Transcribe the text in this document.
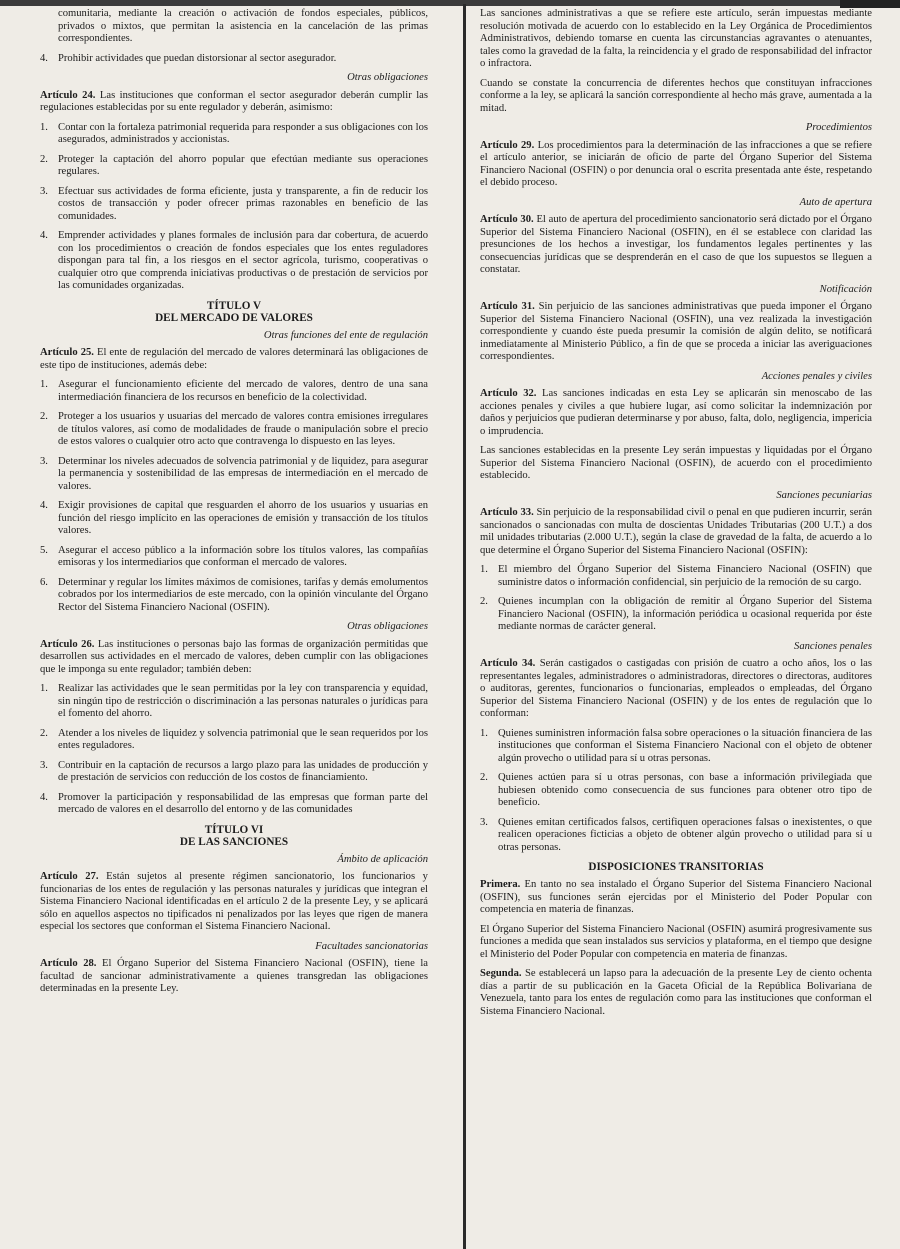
comunitaria, mediante la creación o activación de fondos especiales, públicos, privados o mixtos, que permitan la asistencia en la cancelación de las primas correspondientes.
4. Prohibir actividades que puedan distorsionar al sector asegurador.
Otras obligaciones

Artículo 24. Las instituciones que conforman el sector asegurador deberán cumplir las regulaciones establecidas por su ente regulador y deberán, asimismo:

1. Contar con la fortaleza patrimonial requerida para responder a sus obligaciones con los asegurados, administrados y accionistas.
2. Proteger la captación del ahorro popular que efectúan mediante sus operaciones regulares.
3. Efectuar sus actividades de forma eficiente, justa y transparente, a fin de reducir los costos de transacción y poder ofrecer primas razonables en beneficio de las comunidades.
4. Emprender actividades y planes formales de inclusión para dar cobertura, de acuerdo con los procedimientos o creación de fondos especiales que los entes reguladores dispongan para tal fin, a los riesgos en el sector agrícola, turismo, cooperativas o cualquier otro que comprenda iniciativas productivas o de prestación de servicios por las comunidades organizadas.
TÍTULO V
DEL MERCADO DE VALORES
Otras funciones del ente de regulación

Artículo 25. El ente de regulación del mercado de valores determinará las obligaciones de este tipo de instituciones, además debe:

1. Asegurar el funcionamiento eficiente del mercado de valores, dentro de una sana intermediación financiera de los recursos en beneficio de la colectividad.
2. Proteger a los usuarios y usuarias del mercado de valores contra emisiones irregulares de títulos valores, así como de modalidades de fraude o manipulación sobre el precio de estos valores o cualquier otro acto que contravenga lo dispuesto en las leyes.
3. Determinar los niveles adecuados de solvencia patrimonial y de liquidez, para asegurar la permanencia y sostenibilidad de las empresas de intermediación en el mercado de valores.
4. Exigir provisiones de capital que resguarden el ahorro de los usuarios y usuarias en función del riesgo implícito en las operaciones de emisión y transacción de los títulos valores.
5. Asegurar el acceso público a la información sobre los títulos valores, las compañías emisoras y los intermediarios que conforman el mercado de valores.
6. Determinar y regular los límites máximos de comisiones, tarifas y demás emolumentos cobrados por los intermediarios de este mercado, con la opinión vinculante del Órgano Rector del Sistema Financiero Nacional (OSFIN).
Otras obligaciones

Artículo 26. Las instituciones o personas bajo las formas de organización permitidas que desarrollen sus actividades en el mercado de valores, deben cumplir con las obligaciones que le imponga su ente regulador; también deben:

1. Realizar las actividades que le sean permitidas por la ley con transparencia y equidad, sin ningún tipo de restricción o discriminación a las personas naturales o jurídicas para el fomento del ahorro.
2. Atender a los niveles de liquidez y solvencia patrimonial que le sean requeridos por los entes reguladores.
3. Contribuir en la captación de recursos a largo plazo para las unidades de producción y de prestación de servicios con reducción de los costos de financiamiento.
4. Promover la participación y responsabilidad de las empresas que forman parte del mercado de valores en el desarrollo del entorno y de las comunidades
TÍTULO VI
DE LAS SANCIONES
Ámbito de aplicación

Artículo 27. Están sujetos al presente régimen sancionatorio, los funcionarios y funcionarias de los entes de regulación y las personas naturales y jurídicas que integran el Sistema Financiero Nacional identificadas en el artículo 2 de la presente Ley, y se aplicará sólo en aquellos aspectos no tipificados ni penalizados por las leyes que rigen de manera especial los sectores que conforman el Sistema Financiero Nacional.

Facultades sancionatorias

Artículo 28. El Órgano Superior del Sistema Financiero Nacional (OSFIN), tiene la facultad de sancionar administrativamente a quienes transgredan las obligaciones determinadas en la presente Ley.

Las sanciones administrativas a que se refiere este artículo, serán impuestas mediante resolución motivada de acuerdo con lo establecido en la Ley Orgánica de Procedimientos Administrativos, debiendo tomarse en cuenta las circunstancias agravantes o atenuantes, tales como la gravedad de la falta, la reincidencia y el grado de responsabilidad del infractor o infractora.

Cuando se constate la concurrencia de diferentes hechos que constituyan infracciones conforme a la ley, se aplicará la sanción correspondiente al hecho más grave, aumentada a la mitad.

Procedimientos

Artículo 29. Los procedimientos para la determinación de las infracciones a que se refiere el artículo anterior, se iniciarán de oficio de parte del Órgano Superior del Sistema Financiero Nacional (OSFIN) o por denuncia oral o escrita presentada ante éste, respetando el debido proceso.

Auto de apertura

Artículo 30. El auto de apertura del procedimiento sancionatorio será dictado por el Órgano Superior del Sistema Financiero Nacional (OSFIN), en él se establece con claridad las presunciones de los hechos a investigar, los fundamentos legales pertinentes y las consecuencias jurídicas que se desprenderán en el caso de que los supuestos se lleguen a constatar.

Notificación

Artículo 31. Sin perjuicio de las sanciones administrativas que pueda imponer el Órgano Superior del Sistema Financiero Nacional (OSFIN), una vez realizada la investigación correspondiente y cuando éste pueda presumir la comisión de algún delito, se notificará inmediatamente al Ministerio Público, a fin de que se proceda a iniciar las averiguaciones correspondientes.

Acciones penales y civiles

Artículo 32. Las sanciones indicadas en esta Ley se aplicarán sin menoscabo de las acciones penales y civiles a que hubiere lugar, así como solicitar la indemnización por daños y perjuicios que pudieran determinarse y por abuso, falta, dolo, negligencia, impericia o imprudencia.

Las sanciones establecidas en la presente Ley serán impuestas y liquidadas por el Órgano Superior del Sistema Financiero Nacional (OSFIN), de acuerdo con el procedimiento establecido.

Sanciones pecuniarias

Artículo 33. Sin perjuicio de la responsabilidad civil o penal en que pudieren incurrir, serán sancionados o sancionadas con multa de doscientas Unidades Tributarias (200 U.T.) a dos mil unidades tributarias (2.000 U.T.), según la clase de gravedad de la falta, de acuerdo a lo que determine el Órgano Superior del Sistema Financiero Nacional (OSFIN):

1. El miembro del Órgano Superior del Sistema Financiero Nacional (OSFIN) que suministre datos o información confidencial, sin perjuicio de la remoción de su cargo.
2. Quienes incumplan con la obligación de remitir al Órgano Superior del Sistema Financiero Nacional (OSFIN), la información periódica u ocasional requerida por éste mediante normas de carácter general.
Sanciones penales

Artículo 34. Serán castigados o castigadas con prisión de cuatro a ocho años, los o las representantes legales, administradores o administradoras, directores o directoras, auditores o auditoras, gerentes, funcionarios o funcionarias, empleados o empleadas, del Órgano Superior del Sistema Financiero Nacional (OSFIN) y de los entes de regulación que lo conforman:

1. Quienes suministren información falsa sobre operaciones o la situación financiera de las instituciones que conforman el Sistema Financiero Nacional con el objeto de obtener algún provecho o utilidad para sí u otras personas.
2. Quienes actúen para sí u otras personas, con base a información privilegiada que hubiesen obtenido como consecuencia de sus funciones para obtener otro tipo de beneficio.
3. Quienes emitan certificados falsos, certifiquen operaciones falsas o inexistentes, o que realicen operaciones ficticias a objeto de obtener algún provecho o utilidad para sí u otras personas.
DISPOSICIONES TRANSITORIAS

Primera. En tanto no sea instalado el Órgano Superior del Sistema Financiero Nacional (OSFIN), sus funciones serán ejercidas por el Ministerio del Poder Popular con competencia en materia de finanzas.

El Órgano Superior del Sistema Financiero Nacional (OSFIN) asumirá progresivamente sus funciones a medida que sean instalados sus servicios y plataforma, en el tiempo que designe el Ministerio del Poder Popular con competencia en materia de finanzas.

Segunda. Se establecerá un lapso para la adecuación de la presente Ley de ciento ochenta días a partir de su publicación en la Gaceta Oficial de la República Bolivariana de Venezuela, tanto para los entes de regulación como para las instituciones que conforman el Sistema Financiero Nacional.
